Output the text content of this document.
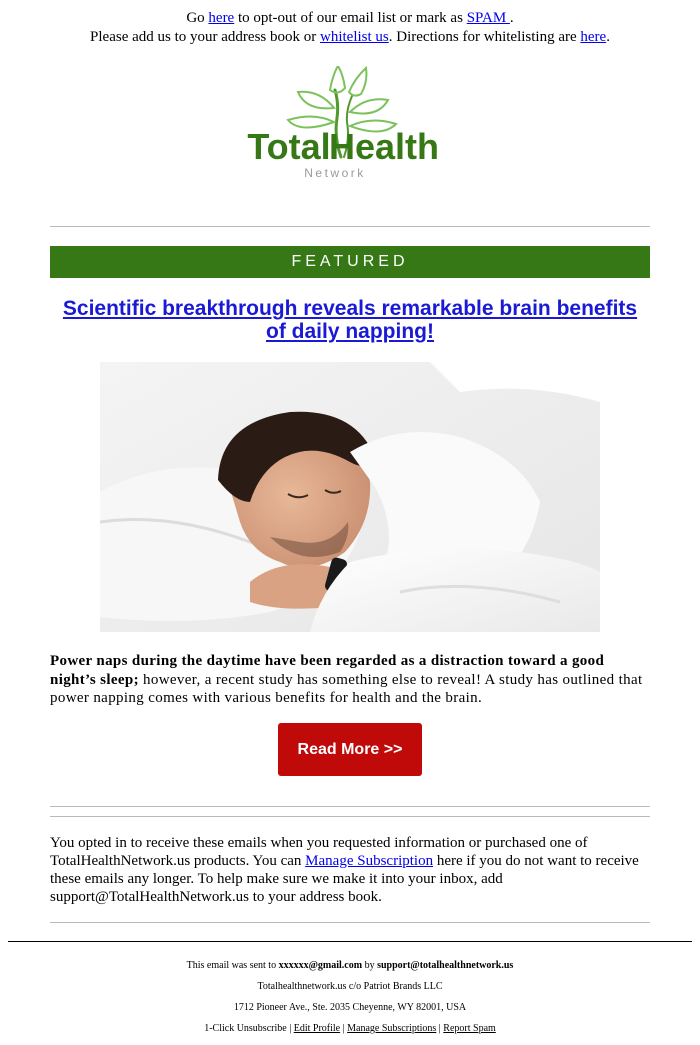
Go here to opt-out of our email list or mark as SPAM .
Please add us to your address book or whitelist us. Directions for whitelisting are here.
Total
Health
Network
FEATURED
Scientific breakthrough reveals remarkable brain benefits of daily napping!
Power naps during the daytime have been regarded as a distraction toward a good night’s sleep; however, a recent study has something else to reveal! A study has outlined that power napping comes with various benefits for health and the brain.
Read More >>
You opted in to receive these emails when you requested information or purchased one of TotalHealthNetwork.us products. You can Manage Subscription here if you do not want to receive these emails any longer. To help make sure we make it into your inbox, add support@TotalHealthNetwork.us to your address book.
This email was sent to xxxxxx@gmail.com by support@totalhealthnetwork.us
Totalhealthnetwork.us c/o Patriot Brands LLC
1712 Pioneer Ave., Ste. 2035 Cheyenne, WY 82001, USA
1-Click Unsubscribe | Edit Profile | Manage Subscriptions | Report Spam
